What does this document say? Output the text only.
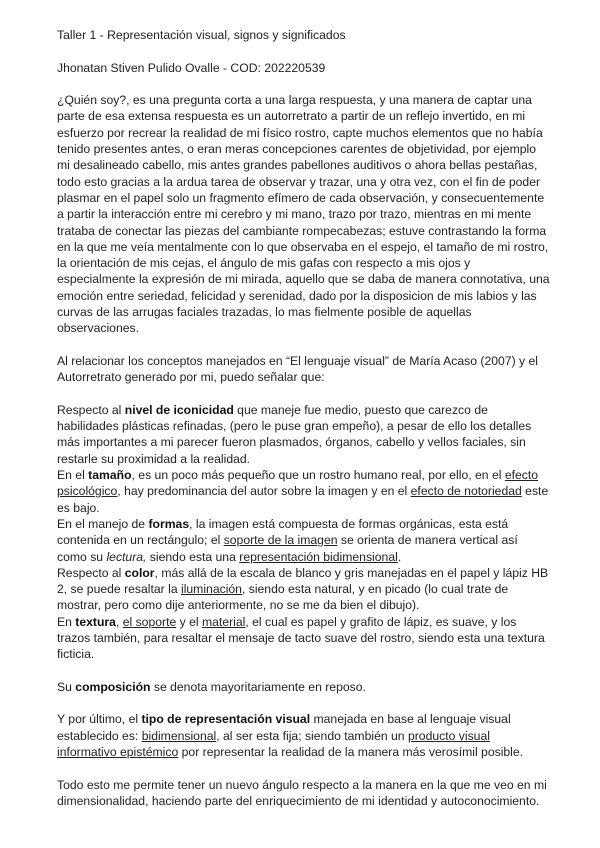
Taller 1 - Representación visual, signos y significados

Jhonatan Stiven Pulido Ovalle - COD: 202220539

¿Quién soy?, es una pregunta corta a una larga respuesta, y una manera de captar una parte de esa extensa respuesta es un autorretrato a partir de un reflejo invertido, en mi esfuerzo por recrear la realidad de mi físico rostro, capte muchos elementos que no había tenido presentes antes, o eran meras concepciones carentes de objetividad, por ejemplo mi desalineado cabello, mis antes grandes pabellones auditivos o ahora bellas pestañas, todo esto gracias a la ardua tarea de observar y trazar, una y otra vez, con el fin de poder plasmar en el papel solo un fragmento efímero de cada observación, y consecuentemente a partir la interacción entre mi cerebro y mi mano, trazo por trazo, mientras en mi mente trataba de conectar las piezas del cambiante rompecabezas; estuve contrastando la forma en la que me veía mentalmente con lo que observaba en el espejo, el tamaño de mi rostro, la orientación de mis cejas, el ángulo de mis gafas con respecto a mis ojos y especialmente la expresión de mi mirada, aquello que se daba de manera connotativa, una emoción entre seriedad, felicidad y serenidad, dado por la disposicion de mis labios y las curvas de las arrugas faciales trazadas, lo mas fielmente posible de aquellas observaciones.

Al relacionar los conceptos manejados en “El lenguaje visual” de María Acaso (2007) y el Autorretrato generado por mi, puedo señalar que:

Respecto al nivel de iconicidad que maneje fue medio, puesto que carezco de habilidades plásticas refinadas, (pero le puse gran empeño), a pesar de ello los detalles más importantes a mi parecer fueron plasmados, órganos, cabello y vellos faciales, sin restarle su proximidad a la realidad.

En el tamaño, es un poco más pequeño que un rostro humano real, por ello, en el efecto psicológico, hay predominancia del autor sobre la imagen y en el efecto de notoriedad este es bajo.

En el manejo de formas, la imagen está compuesta de formas orgánicas, esta está contenida en un rectángulo; el soporte de la imagen se orienta de manera vertical así como su lectura, siendo esta una representación bidimensional.

Respecto al color, más allá de la escala de blanco y gris manejadas en el papel y lápiz HB 2, se puede resaltar la iluminación, siendo esta natural, y en picado (lo cual trate de mostrar, pero como dije anteriormente, no se me da bien el dibujo).

En textura, el soporte y el material, el cual es papel y grafito de lápiz, es suave, y los trazos también, para resaltar el mensaje de tacto suave del rostro, siendo esta una textura ficticia.

Su composición se denota mayoritariamente en reposo.

Y por último, el tipo de representación visual manejada en base al lenguaje visual establecido es: bidimensional, al ser esta fija; siendo también un producto visual informativo epistémico por representar la realidad de la manera más verosímil posible.

Todo esto me permite tener un nuevo ángulo respecto a la manera en la que me veo en mi dimensionalidad, haciendo parte del enriquecimiento de mi identidad y autoconocimiento.
